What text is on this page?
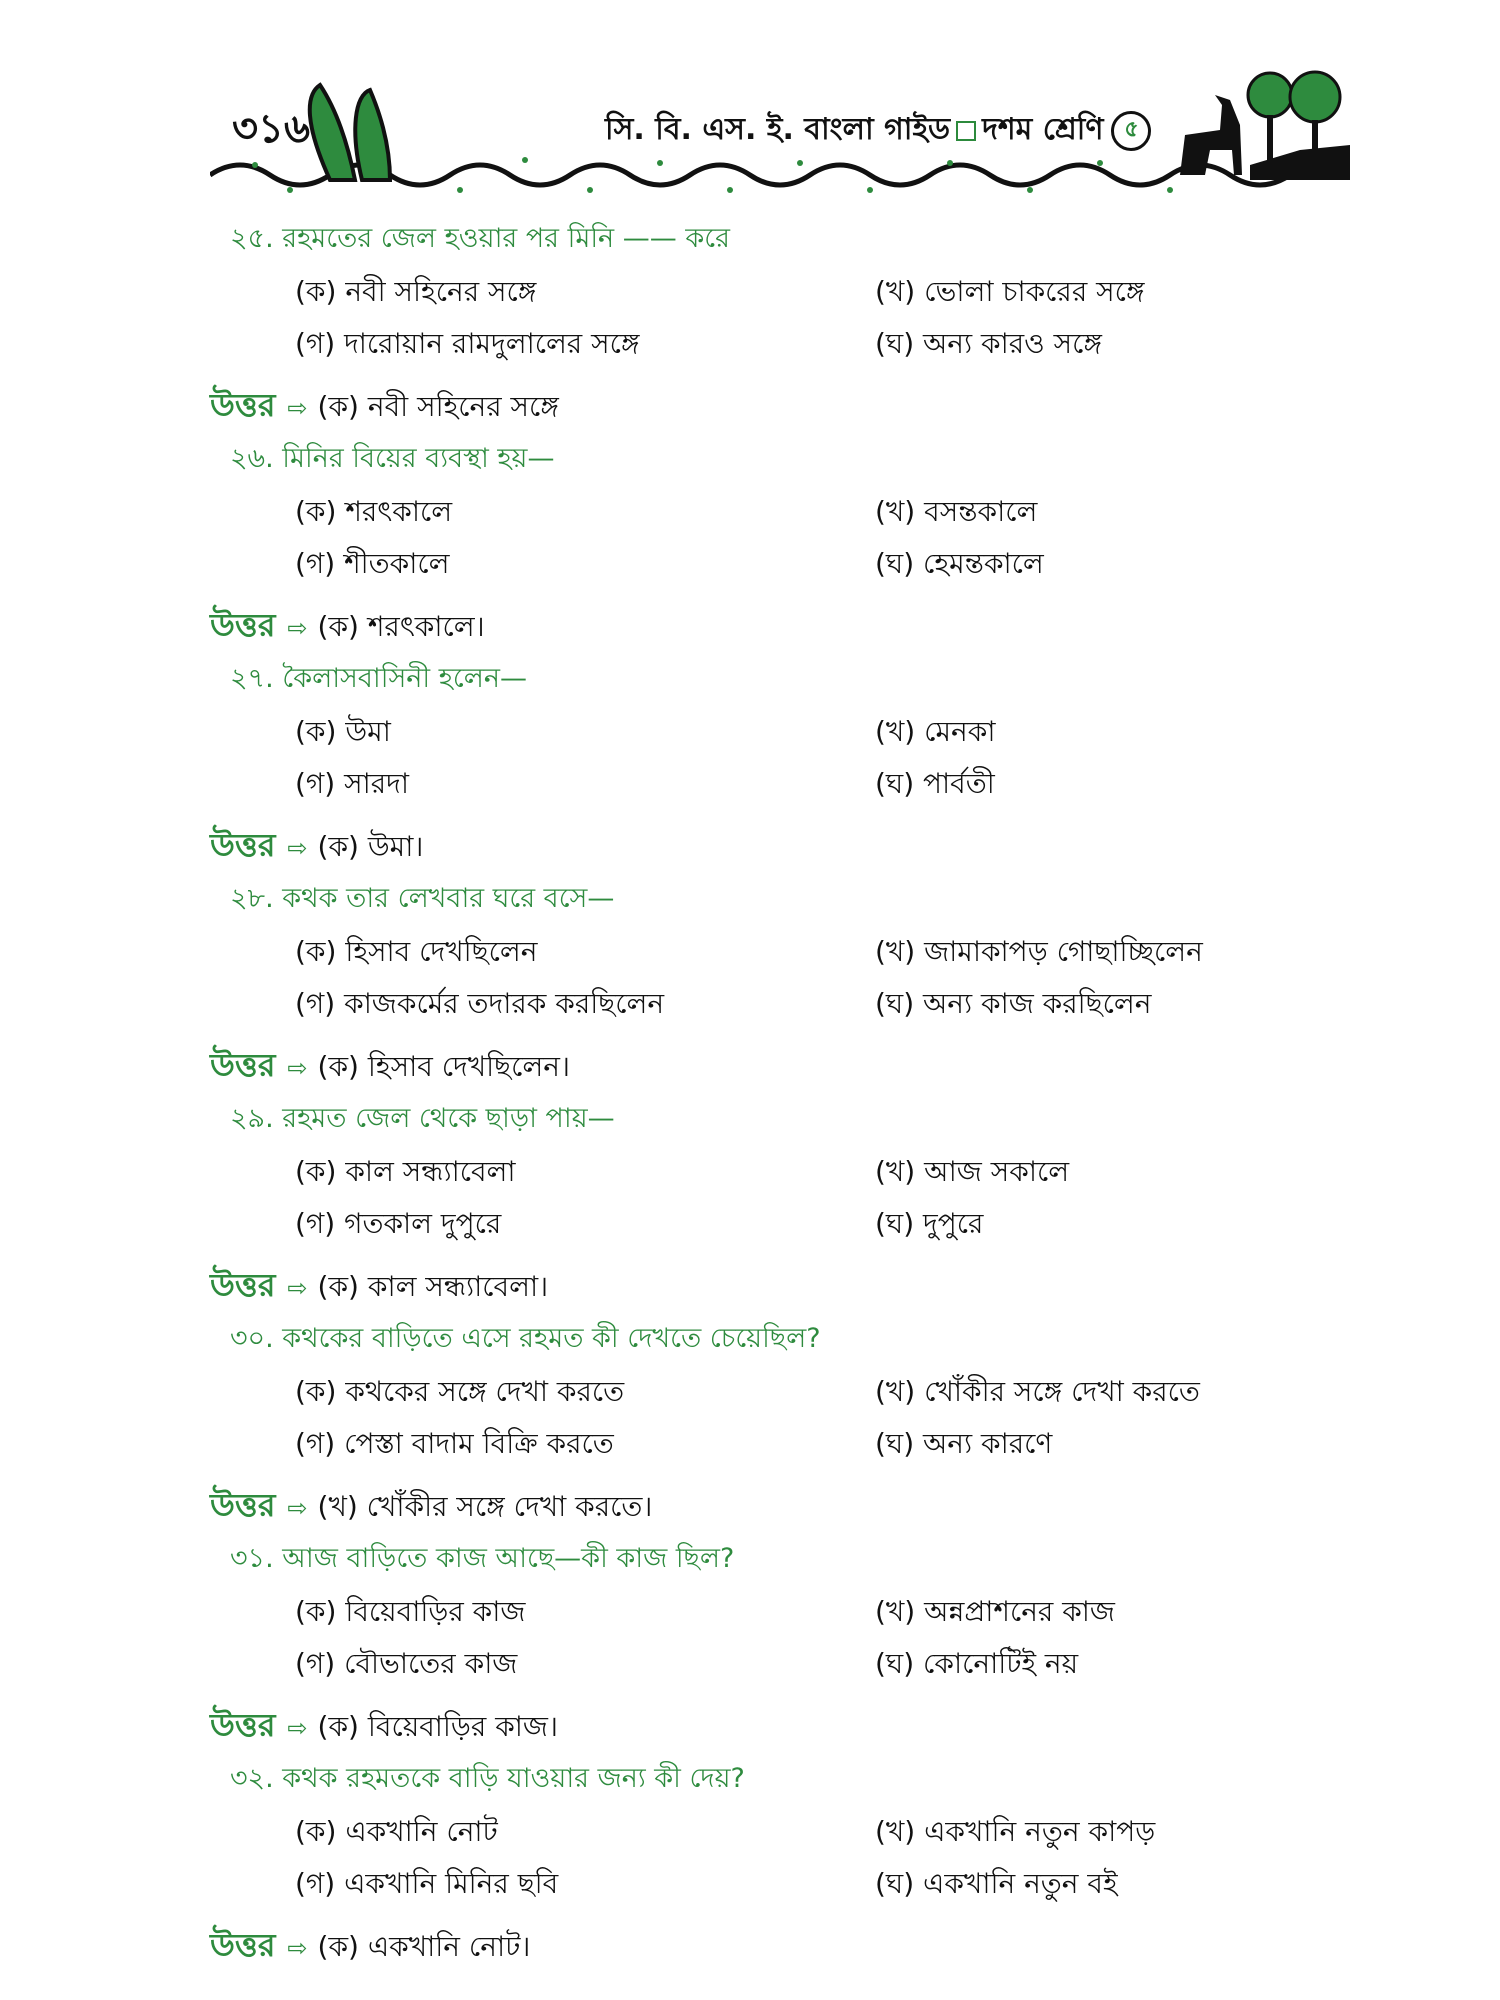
৩১৬	সি. বি. এস. ই. বাংলা গাইড দশম শ্রেণি ৫
২৫. রহমতের জেল হওয়ার পর মিনি —— করে
(ক) নবী সহিনের সঙ্গে	(খ) ভোলা চাকরের সঙ্গে
(গ) দারোয়ান রামদুলালের সঙ্গে	(ঘ) অন্য কারও সঙ্গে
উত্তর ⇨ (ক) নবী সহিনের সঙ্গে
২৬. মিনির বিয়ের ব্যবস্থা হয়—
(ক) শরৎকালে	(খ) বসন্তকালে
(গ) শীতকালে	(ঘ) হেমন্তকালে
উত্তর ⇨ (ক) শরৎকালে।
২৭. কৈলাসবাসিনী হলেন—
(ক) উমা	(খ) মেনকা
(গ) সারদা	(ঘ) পার্বতী
উত্তর ⇨ (ক) উমা।
২৮. কথক তার লেখবার ঘরে বসে—
(ক) হিসাব দেখছিলেন	(খ) জামাকাপড় গোছাচ্ছিলেন
(গ) কাজকর্মের তদারক করছিলেন	(ঘ) অন্য কাজ করছিলেন
উত্তর ⇨ (ক) হিসাব দেখছিলেন।
২৯. রহমত জেল থেকে ছাড়া পায়—
(ক) কাল সন্ধ্যাবেলা	(খ) আজ সকালে
(গ) গতকাল দুপুরে	(ঘ) দুপুরে
উত্তর ⇨ (ক) কাল সন্ধ্যাবেলা।
৩০. কথকের বাড়িতে এসে রহমত কী দেখতে চেয়েছিল?
(ক) কথকের সঙ্গে দেখা করতে	(খ) খোঁকীর সঙ্গে দেখা করতে
(গ) পেস্তা বাদাম বিক্রি করতে	(ঘ) অন্য কারণে
উত্তর ⇨ (খ) খোঁকীর সঙ্গে দেখা করতে।
৩১. আজ বাড়িতে কাজ আছে—কী কাজ ছিল?
(ক) বিয়েবাড়ির কাজ	(খ) অন্নপ্রাশনের কাজ
(গ) বৌভাতের কাজ	(ঘ) কোনোটিই নয়
উত্তর ⇨ (ক) বিয়েবাড়ির কাজ।
৩২. কথক রহমতকে বাড়ি যাওয়ার জন্য কী দেয়?
(ক) একখানি নোট	(খ) একখানি নতুন কাপড়
(গ) একখানি মিনির ছবি	(ঘ) একখানি নতুন বই
উত্তর ⇨ (ক) একখানি নোট।
